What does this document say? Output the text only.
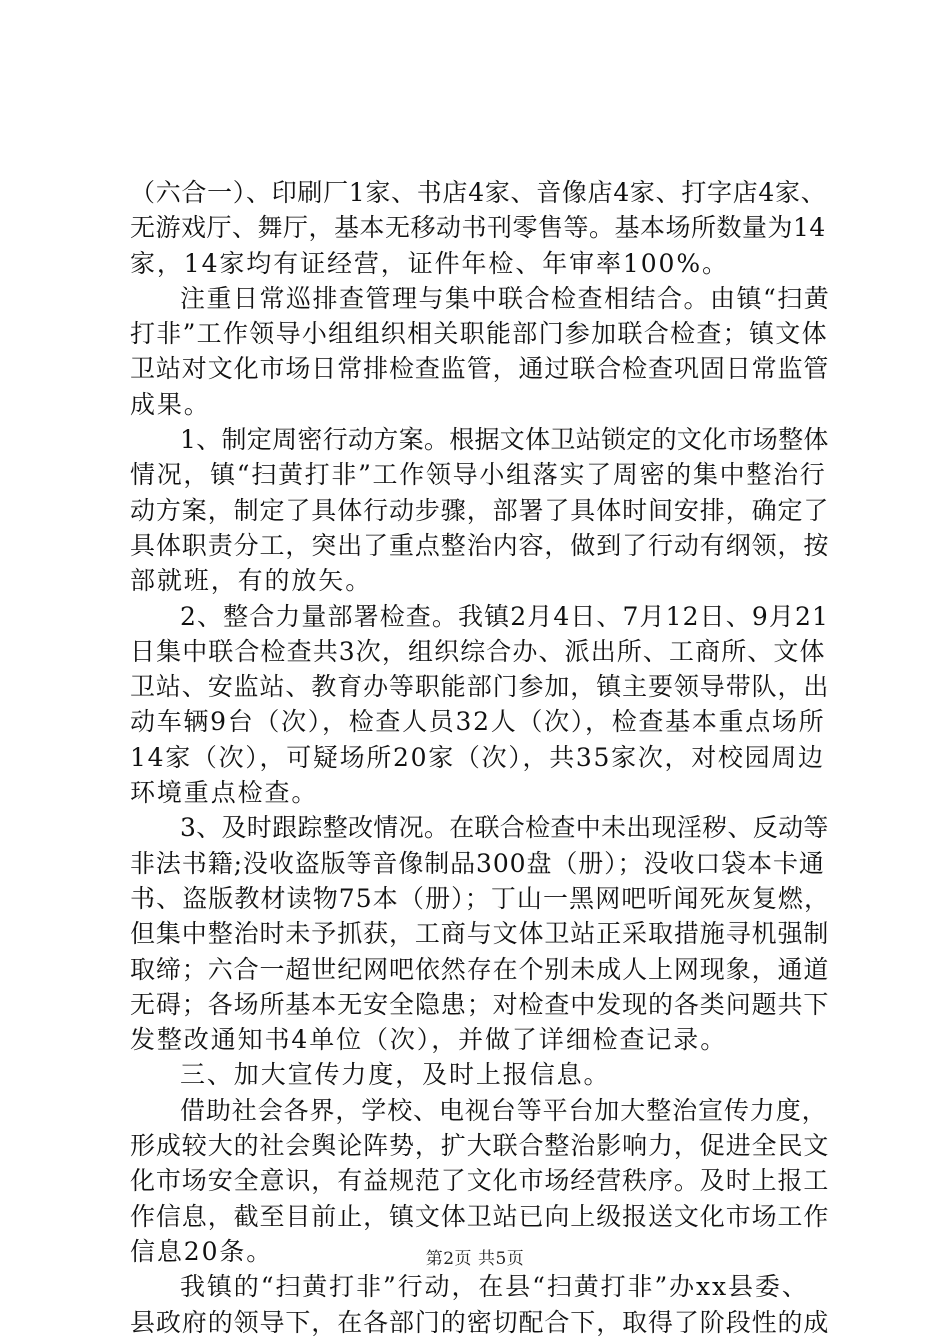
（六合一）、印刷厂1家、书店4家、音像店4家、打字店4家、
无游戏厅、舞厅，基本无移动书刊零售等。基本场所数量为14
家，14家均有证经营，证件年检、年审率100%。
注重日常巡排查管理与集中联合检查相结合。由镇“扫黄
打非”工作领导小组组织相关职能部门参加联合检查；镇文体
卫站对文化市场日常排检查监管，通过联合检查巩固日常监管
成果。
1、制定周密行动方案。根据文体卫站锁定的文化市场整体
情况，镇“扫黄打非”工作领导小组落实了周密的集中整治行
动方案，制定了具体行动步骤，部署了具体时间安排，确定了
具体职责分工，突出了重点整治内容，做到了行动有纲领，按
部就班，有的放矢。
2、整合力量部署检查。我镇2月4日、7月12日、9月21
日集中联合检查共3次，组织综合办、派出所、工商所、文体
卫站、安监站、教育办等职能部门参加，镇主要领导带队，出
动车辆9台（次），检查人员32人（次），检查基本重点场所
14家（次），可疑场所20家（次），共35家次，对校园周边
环境重点检查。
3、及时跟踪整改情况。在联合检查中未出现淫秽、反动等
非法书籍;没收盗版等音像制品300盘（册）；没收口袋本卡通
书、盗版教材读物75本（册）；丁山一黑网吧听闻死灰复燃，
但集中整治时未予抓获，工商与文体卫站正采取措施寻机强制
取缔；六合一超世纪网吧依然存在个别未成人上网现象，通道
无碍；各场所基本无安全隐患；对检查中发现的各类问题共下
发整改通知书4单位（次），并做了详细检查记录。
三、加大宣传力度，及时上报信息。
借助社会各界，学校、电视台等平台加大整治宣传力度，
形成较大的社会舆论阵势，扩大联合整治影响力，促进全民文
化市场安全意识，有益规范了文化市场经营秩序。及时上报工
作信息，截至目前止，镇文体卫站已向上级报送文化市场工作
信息20条。
我镇的“扫黄打非”行动，在县“扫黄打非”办xx县委、
县政府的领导下，在各部门的密切配合下，取得了阶段性的成
第2页 共5页
